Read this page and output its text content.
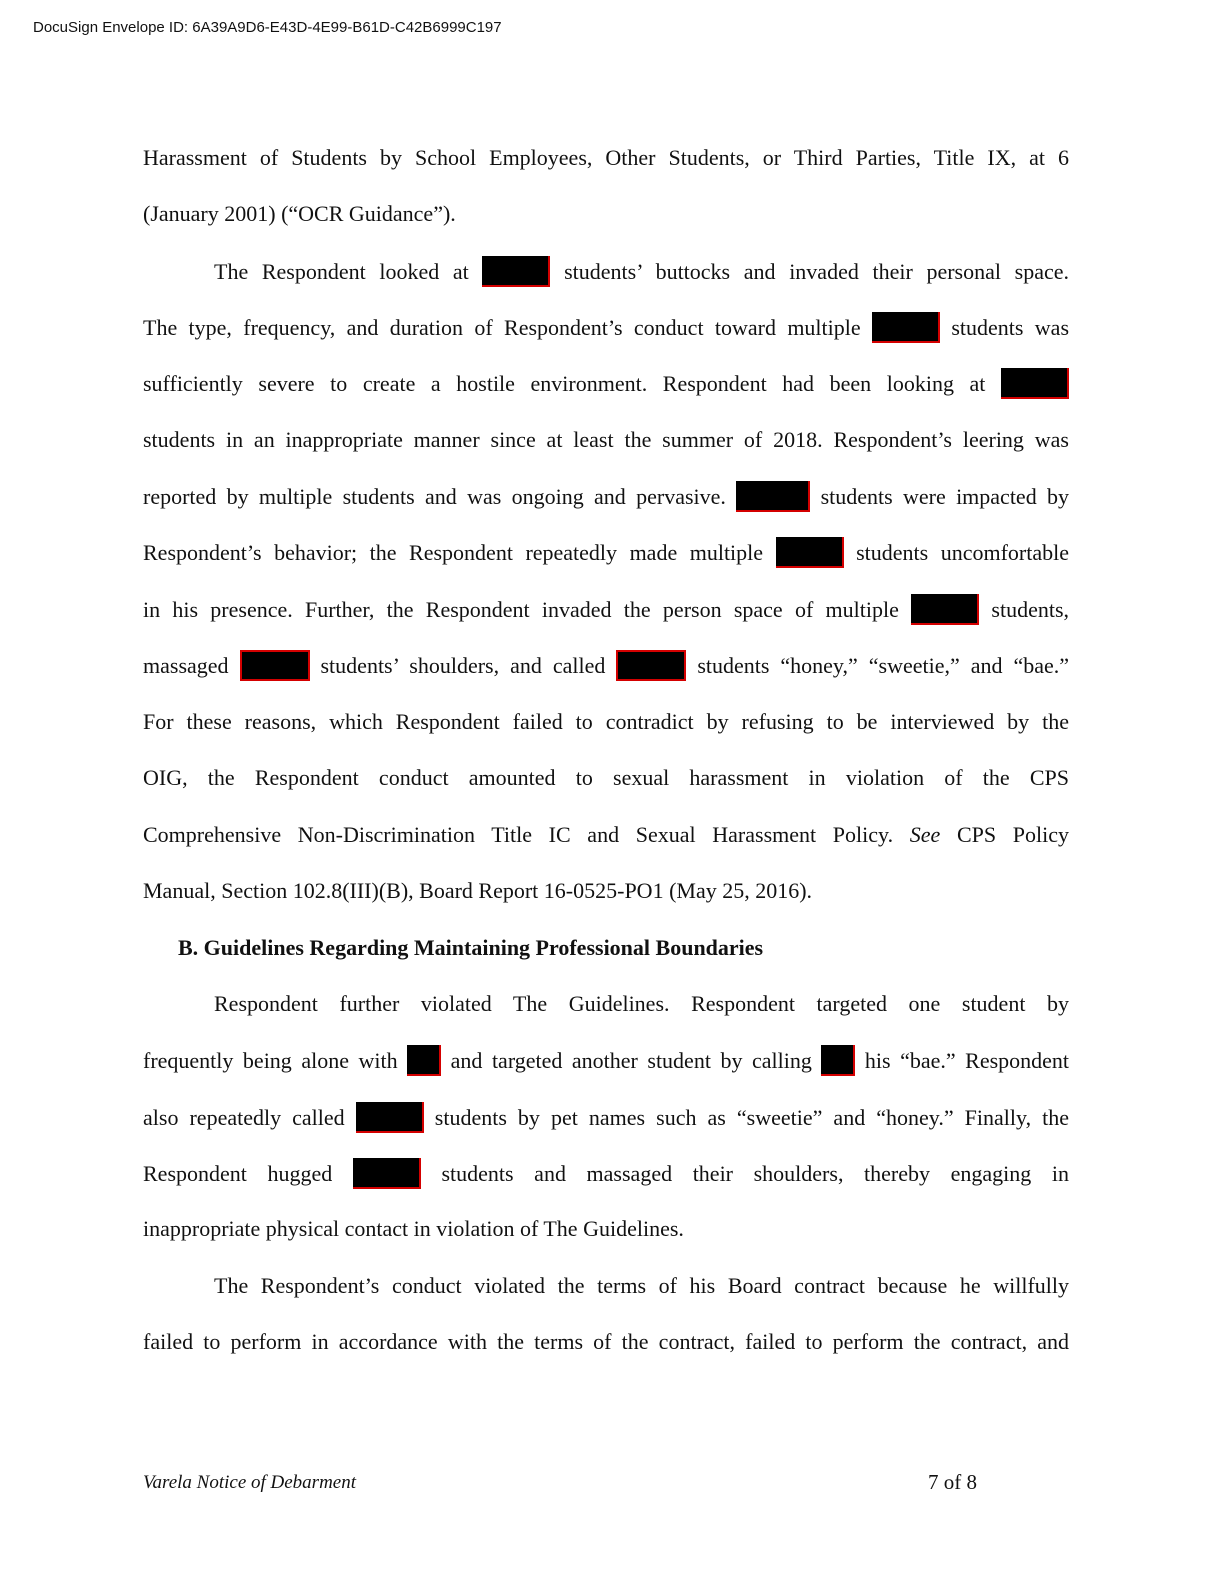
DocuSign Envelope ID: 6A39A9D6-E43D-4E99-B61D-C42B6999C197
Harassment of Students by School Employees, Other Students, or Third Parties, Title IX, at 6
(January 2001) (“OCR Guidance”).
The Respondent looked at	students’ buttocks and invaded their personal space.
The type, frequency, and duration of Respondent’s conduct toward multiple	students was
sufficiently severe to create a hostile environment. Respondent had been looking at
students in an inappropriate manner since at least the summer of 2018. Respondent’s leering was
reported by multiple students and was ongoing and pervasive.	students were impacted by
Respondent’s behavior; the Respondent repeatedly made multiple	students uncomfortable
in his presence. Further, the Respondent invaded the person space of multiple	students,
massaged	students’ shoulders, and called	students “honey,” “sweetie,” and “bae.”
For these reasons, which Respondent failed to contradict by refusing to be interviewed by the
OIG, the Respondent conduct amounted to sexual harassment in violation of the CPS
Comprehensive Non-Discrimination Title IC and Sexual Harassment Policy. See CPS Policy
Manual, Section 102.8(III)(B), Board Report 16-0525-PO1 (May 25, 2016).
B. Guidelines Regarding Maintaining Professional Boundaries
Respondent further violated The Guidelines. Respondent targeted one student by
frequently being alone with and targeted another student by calling his “bae.” Respondent
also repeatedly called	students by pet names such as “sweetie” and “honey.” Finally, the
Respondent hugged	students and massaged their shoulders, thereby engaging in
inappropriate physical contact in violation of The Guidelines.
The Respondent’s conduct violated the terms of his Board contract because he willfully
failed to perform in accordance with the terms of the contract, failed to perform the contract, and
Varela Notice of Debarment	7 of 8
